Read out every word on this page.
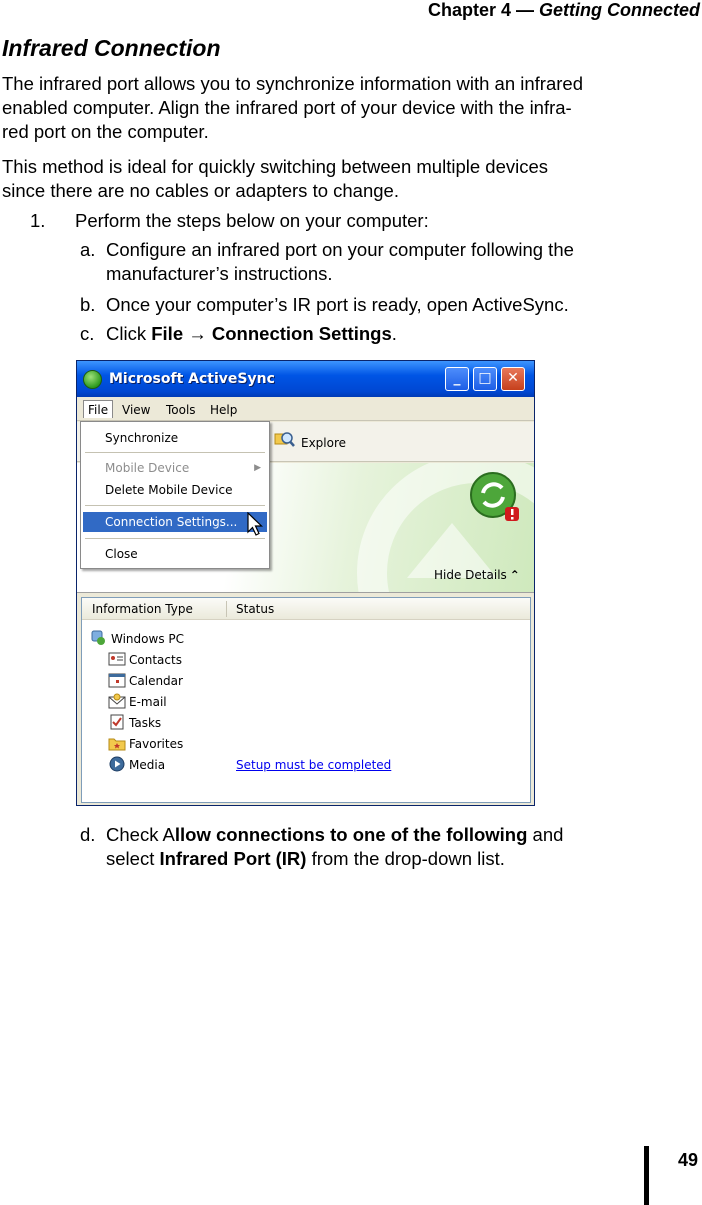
Chapter 4 — Getting Connected
Infrared Connection
The infrared port allows you to synchronize information with an infrared
enabled computer. Align the infrared port of your device with the infra-
red port on the computer.
This method is ideal for quickly switching between multiple devices
since there are no cables or adapters to change.
1. Perform the steps below on your computer:
a. Configure an infrared port on your computer following the
manufacturer’s instructions.
b. Once your computer’s IR port is ready, open ActiveSync.
c. Click File → Connection Settings.
Microsoft ActiveSync	_	□	✕
File	View	Tools	Help
Explore
Hide Details ⌃
Information Type	Status
Windows PC
Contacts
Calendar
E-mail
Tasks
Favorites
Media	Setup must be completed
Synchronize
Mobile Device	▶
Delete Mobile Device
Connection Settings...
Close
d. Check Allow connections to one of the following and
select Infrared Port (IR) from the drop-down list.
49
